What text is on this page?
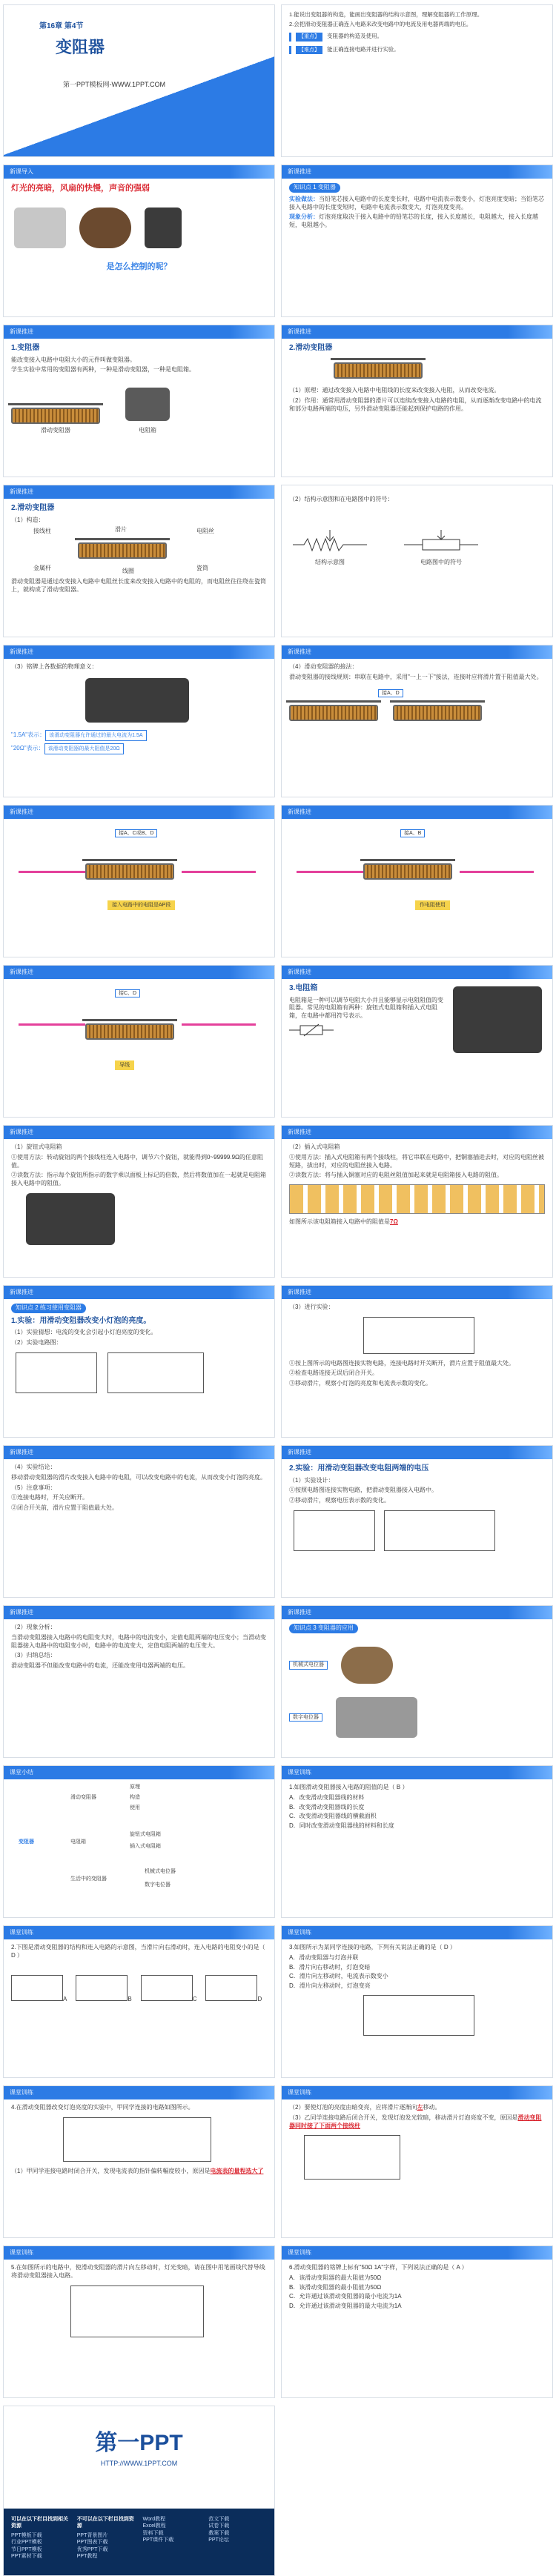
第16章 第4节
变阻器
第一PPT模板网-WWW.1PPT.COM
1.能说出变阻器的构造，能画出变阻器的结构示意图，理解变阻器的工作原理。
2.会把滑动变阻器正确连入电路来改变电路中的电流及用电器两端的电压。
【重点】 变阻器的构造及使用。
【难点】 能正确连接电路并进行实验。
新课导入
灯光的亮暗，风扇的快慢，声音的强弱
是怎么控制的呢？
新课推进
知识点 1 变阻器
实验做法：当铅笔芯接入电路中的长度变长时，电路中电流表示数变小，灯泡亮度变暗；当铅笔芯接入电路中的长度变短时，电路中电流表示数变大，灯泡亮度变亮。
现象分析：灯泡亮度取决于接入电路中的铅笔芯的长度，接入长度越长，电阻越大，接入长度越短，电阻越小。
新课推进
1.变阻器
能改变接入电路中电阻大小的元件叫做变阻器。
学生实验中常用的变阻器有两种，一种是滑动变阻器，一种是电阻箱。
滑动变阻器	电阻箱
新课推进
2.滑动变阻器
（1）原理：通过改变接入电路中电阻线的长度来改变接入电阻，从而改变电流。
（2）作用：通常用滑动变阻器的滑片可以连续改变接入电路的电阻，从而逐渐改变电路中的电流和部分电路两端的电压，另外滑动变阻器还能起到保护电路的作用。
新课推进
2.滑动变阻器
（1）构造：
接线柱	滑片	电阻丝
金属杆	线圈	瓷筒
滑动变阻器是通过改变接入电路中电阻丝长度来改变接入电路中的电阻的，而电阻丝往往绕在瓷筒上，就构成了滑动变阻器。
（2）结构示意图和在电路图中的符号：
结构示意图	电路图中的符号
新课推进
（3）铭牌上各数据的物理意义：
"1.5A"表示： 该滑动变阻器允许通过的最大电流为1.5A
"20Ω"表示： 该滑动变阻器的最大阻值是20Ω
新课推进
（4）滑动变阻器的接法：
滑动变阻器的接线规则：串联在电路中，采用"一上一下"接法，连接时应将滑片置于阻值最大处。
接A、D
新课推进
接A、C或B、D
接入电路中的电阻是AP段
新课推进
接A、B
作电阻使用
新课推进
接C、D
导线
新课推进
3.电阻箱
电阻箱是一种可以调节电阻大小并且能够显示电阻阻值的变阻器。常见的电阻箱有两种：旋钮式电阻箱和插入式电阻箱，在电路中都用符号表示。
新课推进
（1）旋钮式电阻箱
①使用方法：转动旋钮的两个接线柱连入电路中，调节六个旋钮，就能得到0~99999.9Ω的任意阻值。
②读数方法：指示每个旋钮所指示的数字乘以面板上标记的倍数，然后将数值加在一起就是电阻箱接入电路中的阻值。
新课推进
（2）插入式电阻箱
①使用方法：插入式电阻箱有两个接线柱，将它串联在电路中，把铜塞插进去时，对应的电阻丝被短路，拔出时，对应的电阻丝接入电路。
②读数方法：将与插入铜塞对应的电阻丝阻值加起来就是电阻箱接入电路的阻值。
如图所示该电阻箱接入电路中的阻值是7Ω
新课推进
知识点 2 练习使用变阻器
1.实验：用滑动变阻器改变小灯泡的亮度。
（1）实验猜想：电流的变化会引起小灯泡亮度的变化。
（2）实验电路图：

新课推进
（3）进行实验：
①按上图所示的电路图连接实物电路，连接电路时开关断开，滑片应置于阻值最大处。
②检查电路连接无误后闭合开关。
③移动滑片，观察小灯泡的亮度和电流表示数的变化。
新课推进
（4）实验结论：
移动滑动变阻器的滑片改变接入电路中的电阻，可以改变电路中的电流，从而改变小灯泡的亮度。
（5）注意事项：
①连接电路时，开关应断开。
②闭合开关前，滑片应置于阻值最大处。
新课推进
2.实验：用滑动变阻器改变电阻两端的电压
（1）实验设计：
①按照电路图连接实物电路，把滑动变阻器接入电路中。
②移动滑片，观察电压表示数的变化。
新课推进
（2）现象分析：
当滑动变阻器接入电路中的电阻变大时，电路中的电流变小，定值电阻两端的电压变小；当滑动变阻器接入电路中的电阻变小时，电路中的电流变大，定值电阻两端的电压变大。
（3）归纳总结：
滑动变阻器不但能改变电路中的电流，还能改变用电器两端的电压。
新课推进
知识点 3 变阻器的应用
机械式电位器
数字电位器
课堂小结
变阻器
滑动变阻器
原理
构造
使用
电阻箱
旋钮式电阻箱
插入式电阻箱
生活中的变阻器
机械式电位器
数字电位器
课堂训练
1.如图滑动变阻器接入电路的阻值的是（ B ）
A．改变滑动变阻器线的材料
B．改变滑动变阻器线的长度
C．改变滑动变阻器线的横截面积
D．同时改变滑动变阻器线的材料和长度
课堂训练
2.下图是滑动变阻器的结构和连入电路的示意图，当滑片向右滑动时，连入电路的电阻变小的是（ D ）
A	B	C	D
课堂训练
3.如图所示为某同学连接的电路，下列有关说法正确的是（ D ）
A．滑动变阻器与灯泡并联
B．滑片向右移动时，灯泡变暗
C．滑片向左移动时，电流表示数变小
D．滑片向左移动时，灯泡变亮
课堂训练
4.在滑动变阻器改变灯泡亮度的实验中，甲同学连接的电路如图所示。
（1）甲同学连接电路时闭合开关，发现电流表的指针偏转幅度较小，原因是电流表的量程选大了
课堂训练
（2）要使灯泡的亮度由暗变亮，应将滑片逐渐向左移动。
（3）乙同学连接电路后闭合开关，发现灯泡发光较暗，移动滑片灯泡亮度不变，原因是滑动变阻器同时接了下面两个接线柱
课堂训练
5.在如图所示的电路中，使滑动变阻器的滑片向左移动时，灯光变暗，请在图中用笔画线代替导线将滑动变阻器接入电路。
课堂训练
6.滑动变阻器的铭牌上标有"50Ω 1A"字样，下列说法正确的是（ A ）
A．该滑动变阻器的最大阻值为50Ω
B．该滑动变阻器的最小阻值为50Ω
C．允许通过该滑动变阻器的最小电流为1A
D．允许通过该滑动变阻器的最大电流为1A
第一PPT
HTTP://WWW.1PPT.COM
可以在以下栏目找到相关资源
PPT模板下载
行业PPT模板
节日PPT模板
PPT素材下载
不可以在以下栏目找到资源
PPT背景图片
PPT图表下载
优秀PPT下载
PPT教程
Word教程
Excel教程
资料下载
PPT课件下载
范文下载
试卷下载
教案下载
PPT论坛
